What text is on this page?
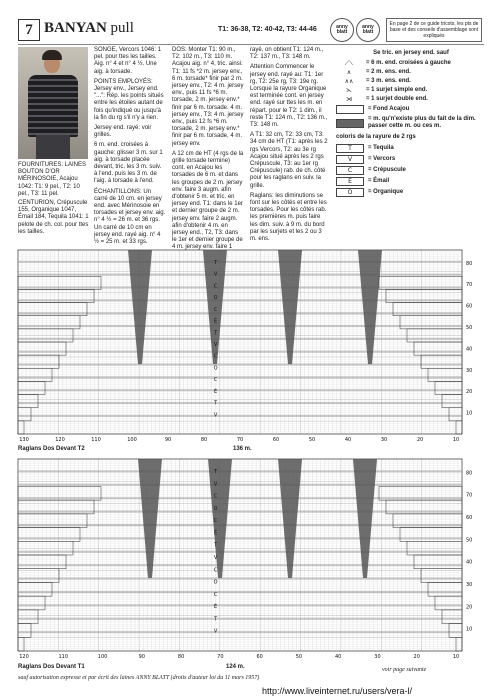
7 BANYAN pull	T1: 36-38, T2: 40-42, T3: 44-46	anny blatt
anny blatt
En page 2 de ce guide tricots, les pts de base et des conseils d'assemblage sont expliqués

FOURNITURES: LAINES BOUTON D'OR MÉRINOSOIE, Acajou 1042: T1: 9 pel., T2: 10 pel., T3: 11 pel.

CENTURION, Crépuscule 155, Organique 1047, Émail 184, Tequila 1041: 1 pelote de ch. col. pour ttes les tailles.

SONGE, Vercors 1046: 1 pel. pour ttes les tailles. Aig. n° 4 et n° 4 ½. Une aig. à torsade.

POINTS EMPLOYÉS: Jersey env., Jersey end. "...": Rép. les points situés entre les étoiles autant de fois qu'indiqué ou jusqu'à la fin du rg s'il n'y a rien.

Jersey end. rayé: voir grilles.

6 m. end. croisées à gauche: glisser 3 m. sur 1 aig. à torsade placée devant, tric. les 3 m. suiv. à l'end. puis les 3 m. de l'aig. à torsade à l'end.

ÉCHANTILLONS: Un carré de 10 cm. en jersey end. avec Mérinosoie en torsades et jersey env. aig. n° 4 ½ = 26 m. et 36 rgs. Un carré de 10 cm en jersey end. rayé aig. n° 4 ½ = 25 m. et 33 rgs.

DOS: Monter T1: 90 m., T2: 102 m., T3: 110 m. Acajou aig. n° 4, tric. ainsi: T1: 11 fs *2 m. jersey env., 6 m. torsade* finir par 2 m. jersey env., T2: 4 m. jersey env., puis 11 fs *6 m. torsade, 2 m. jersey env.* finir par 6 m. torsade. 4 m. jersey env., T3: 4 m. jersey env., puis 12 fs *6 m. torsade, 2 m. jersey env.* finir par 6 m. torsade, 4 m. jersey env.

A 12 cm de HT (4 rgs de la grille torsade termine) cont. en Acajou les torsades de 6 m. et dans les groupes de 2 m. jersey env. faire 3 augm. afin d'obtenir 5 m. et tric. en jersey end. T1: dans le 1er et dernier groupe de 2 m. jersey env. faire 2 augm. afin d'obtenir 4 m. en jersey end., T2, T3: dans le 1er et dernier groupe de 4 m. jersey env. faire 1

rayé, on obtient T1: 124 m., T2: 137 m., T3: 148 m.

Attention Commencer le jersey end. rayé au: T1: 1er rg, T2: 25e rg, T3: 19e rg. Lorsque la rayure Organique est terminée cont. en jersey end. rayé sur ttes les m. en répart. pour le T2: 1 dim., il reste T1: 124 m., T2: 136 m., T3: 148 m.

A T1: 32 cm, T2: 33 cm, T3: 34 cm de HT (T1: après les 2 rgs Vercors, T2: au 3e rg Acajou situé après les 2 rgs Crépuscule, T3: au 1er rg Crépuscule) rab. de ch. côté pour les raglans en suiv. la grille.

Raglans: les diminutions se font sur les côtés et entre les torsades. Pour les côtés rab. les premières m. puis faire les dim. suiv. à 9 m. du bord par les surjets et les 2 ou 3 m. ens.

Se tric. en jersey end. sauf
⟋⟍	= 6 m. end. croisées à gauche
∧	= 2 m. ens. end.
∧∧	= 3 m. ens. end.
⋋	= 1 surjet simple end.
⋊	= 1 surjet double end.
= Fond Acajou
= m. qu'n'existe plus du fait de la dim. passer cette m. ou ces m.
coloris de la rayure de 2 rgs
T	= Tequila
V	= Vercors
C	= Crépuscule
É	= Émail
O	= Organique
T
V
C
O
C
É
T
V
C
O
C
É
T
V
130	120	110	100	90	80	70	60	50	40	30	20	10
10
20
30
40
50
60
70
80
Raglans Dos Devant T2	136 m.
T
V
C
O
C
É
T
V
C
O
C
É
T
V
120	110	100	90	80	70	60	50	40	30	20	10
10
20
30
40
50
60
70
80
Raglans Dos Devant T1	124 m.	voir page suivante
sauf autorisation expresse et par écrit des laines ANNY BLATT (droits d'auteur loi du 11 mars 1957)
http://www.liveinternet.ru/users/vera-l/
